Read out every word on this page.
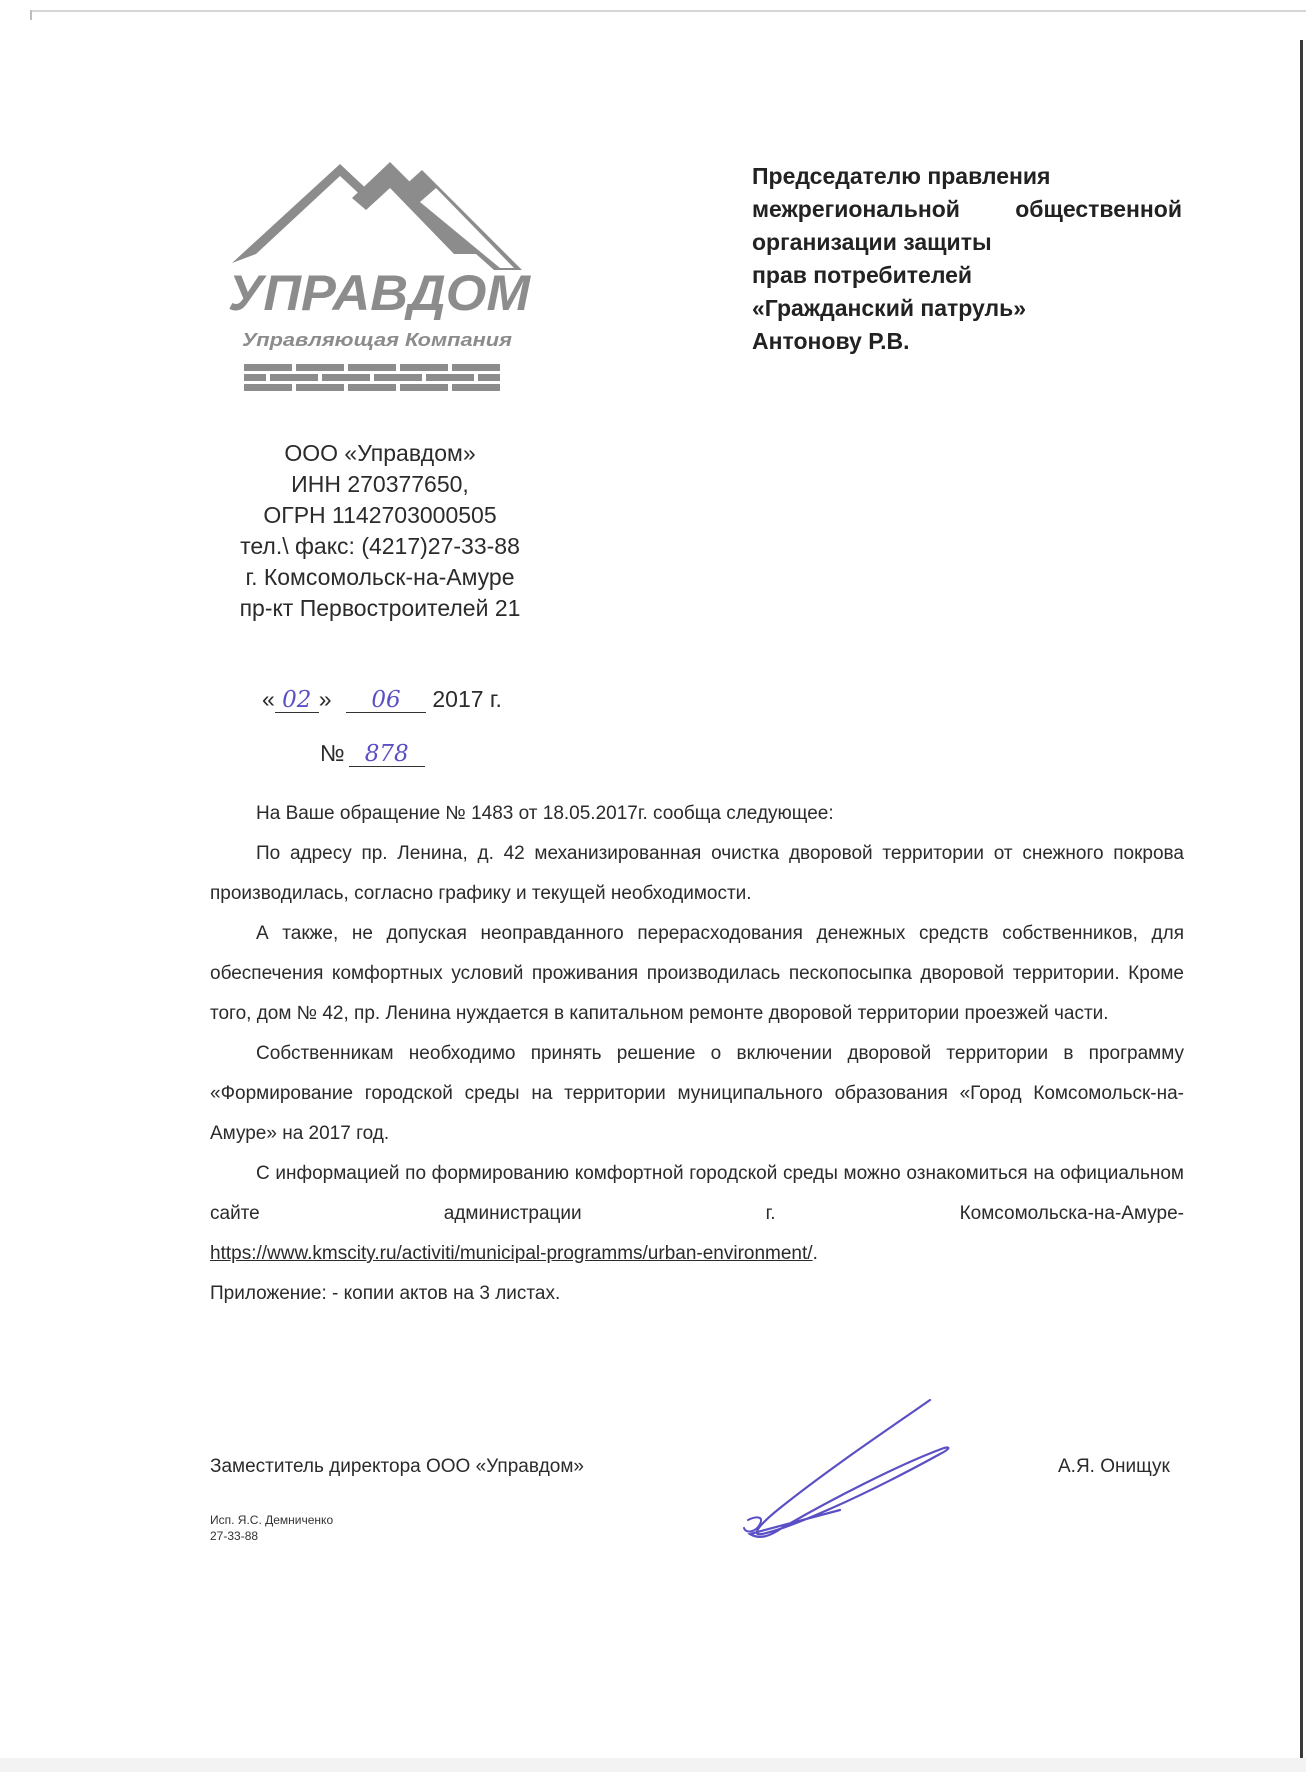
УПРАВДОМ
Управляющая Компания
Председателю правления
межрегиональной общественной
организации защиты
прав потребителей
«Гражданский патруль»
Антонову Р.В.
ООО «Управдом»
ИНН 270377650,
ОГРН 1142703000505
тел.\ факс: (4217)27-33-88
г. Комсомольск-на-Амуре
пр-кт Первостроителей 21
« 02 » 06 2017 г.
№ 878

На Ваше обращение № 1483 от 18.05.2017г. сообща следующее:

По адресу пр. Ленина, д. 42 механизированная очистка дворовой территории от снежного покрова производилась, согласно графику и текущей необходимости.

А также, не допуская неоправданного перерасходования денежных средств собственников, для обеспечения комфортных условий проживания производилась пескопосыпка дворовой территории. Кроме того, дом № 42, пр. Ленина нуждается в капитальном ремонте дворовой территории проезжей части.

Собственникам необходимо принять решение о включении дворовой территории в программу «Формирование городской среды на территории муниципального образования «Город Комсомольск-на-Амуре» на 2017 год.

С информацией по формированию комфортной городской среды можно ознакомиться на официальном сайте администрации г. Комсомольска-на-Амуре-

https://www.kmscity.ru/activiti/municipal-programms/urban-environment/.

Приложение: - копии актов на 3 листах.

Заместитель директора ООО «Управдом»	А.Я. Онищук
Исп. Я.С. Демниченко
27-33-88
